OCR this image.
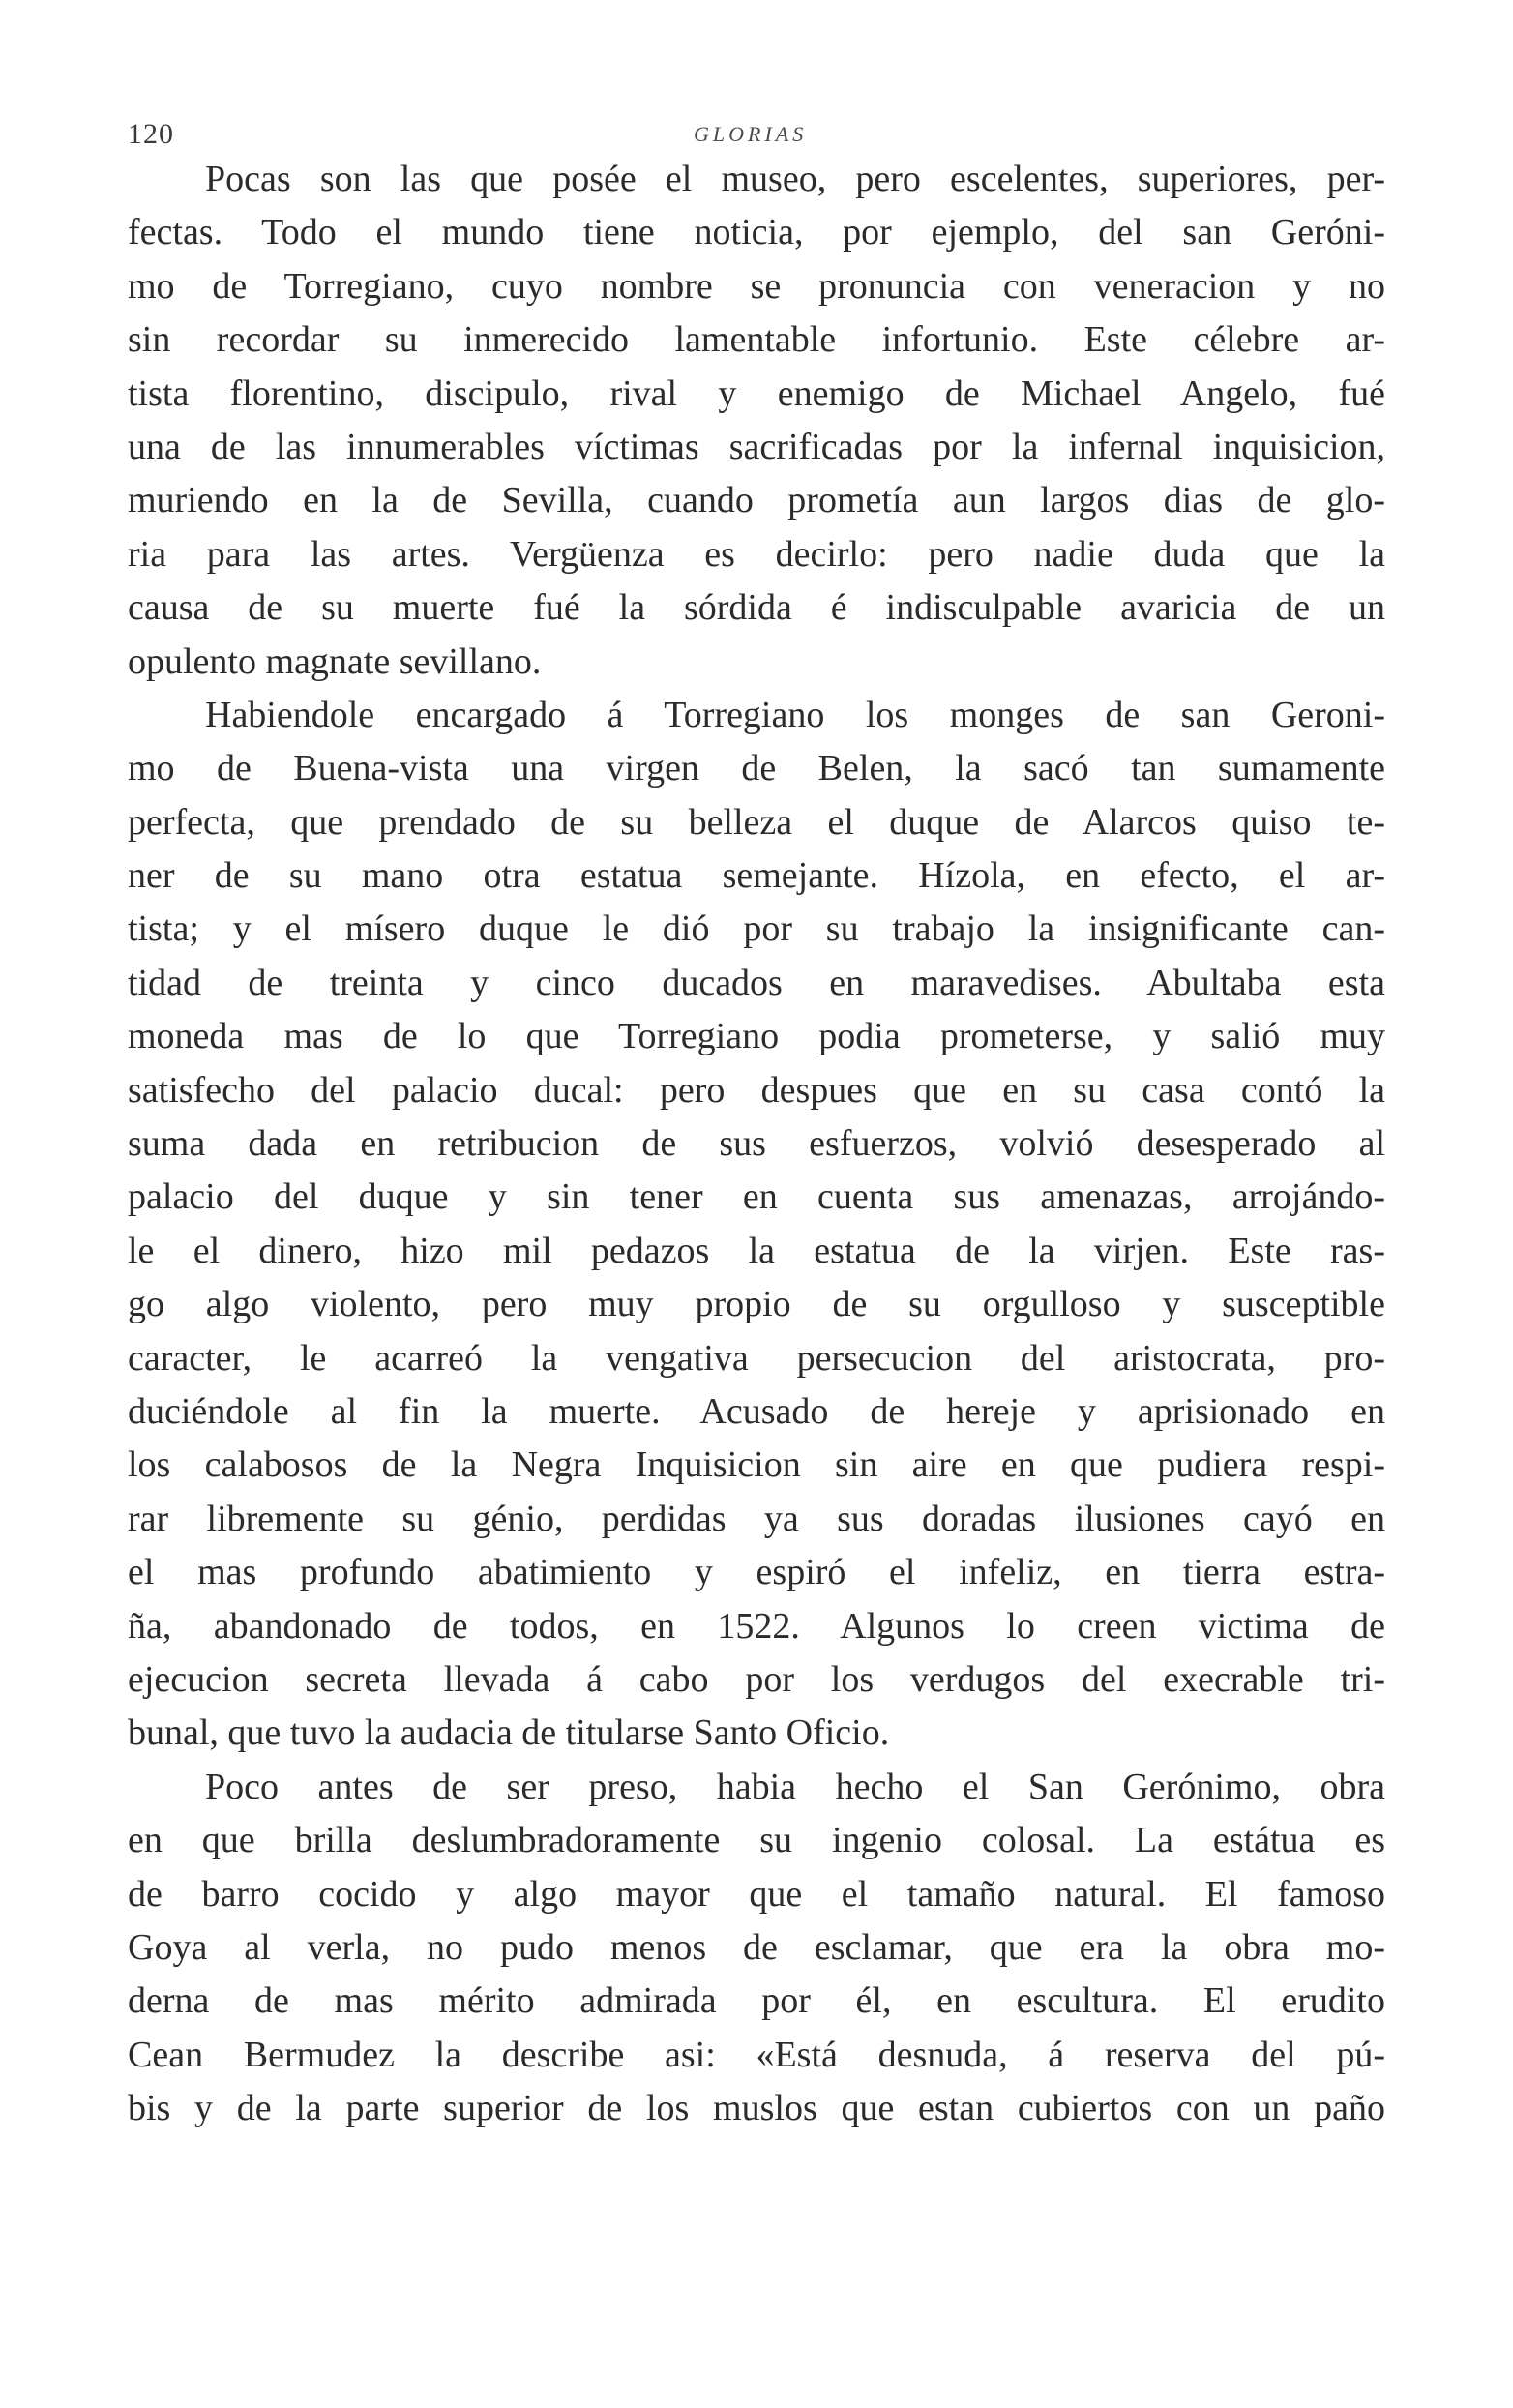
120	GLORIAS
Pocas son las que posée el museo, pero escelentes, superiores, per-
fectas. Todo el mundo tiene noticia, por ejemplo, del san Geróni-
mo de Torregiano, cuyo nombre se pronuncia con veneracion y no
sin recordar su inmerecido lamentable infortunio. Este célebre ar-
tista florentino, discipulo, rival y enemigo de Michael Angelo, fué
una de las innumerables víctimas sacrificadas por la infernal inquisicion,
muriendo en la de Sevilla, cuando prometía aun largos dias de glo-
ria para las artes. Vergüenza es decirlo: pero nadie duda que la
causa de su muerte fué la sórdida é indisculpable avaricia de un
opulento magnate sevillano.
Habiendole encargado á Torregiano los monges de san Geroni-
mo de Buena-vista una virgen de Belen, la sacó tan sumamente
perfecta, que prendado de su belleza el duque de Alarcos quiso te-
ner de su mano otra estatua semejante. Hízola, en efecto, el ar-
tista; y el mísero duque le dió por su trabajo la insignificante can-
tidad de treinta y cinco ducados en maravedises. Abultaba esta
moneda mas de lo que Torregiano podia prometerse, y salió muy
satisfecho del palacio ducal: pero despues que en su casa contó la
suma dada en retribucion de sus esfuerzos, volvió desesperado al
palacio del duque y sin tener en cuenta sus amenazas, arrojándo-
le el dinero, hizo mil pedazos la estatua de la virjen. Este ras-
go algo violento, pero muy propio de su orgulloso y susceptible
caracter, le acarreó la vengativa persecucion del aristocrata, pro-
duciéndole al fin la muerte. Acusado de hereje y aprisionado en
los calabosos de la Negra Inquisicion sin aire en que pudiera respi-
rar libremente su génio, perdidas ya sus doradas ilusiones cayó en
el mas profundo abatimiento y espiró el infeliz, en tierra estra-
ña, abandonado de todos, en 1522. Algunos lo creen victima de
ejecucion secreta llevada á cabo por los verdugos del execrable tri-
bunal, que tuvo la audacia de titularse Santo Oficio.
Poco antes de ser preso, habia hecho el San Gerónimo, obra
en que brilla deslumbradoramente su ingenio colosal. La estátua es
de barro cocido y algo mayor que el tamaño natural. El famoso
Goya al verla, no pudo menos de esclamar, que era la obra mo-
derna de mas mérito admirada por él, en escultura. El erudito
Cean Bermudez la describe asi: «Está desnuda, á reserva del pú-
bis y de la parte superior de los muslos que estan cubiertos con un paño
